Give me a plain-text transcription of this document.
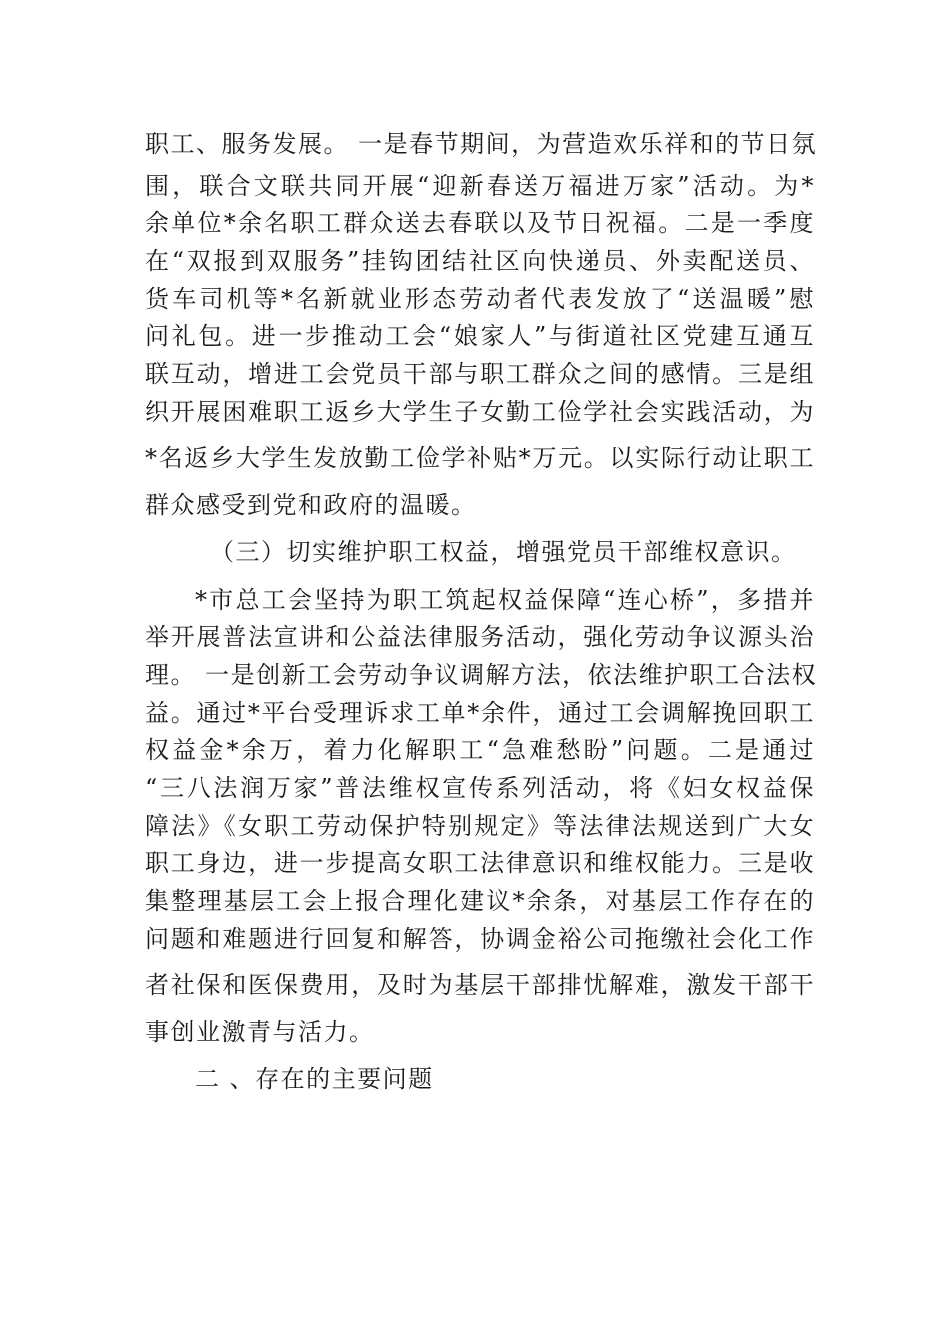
职工、服务发展。 一是春节期间，为营造欢乐祥和的节日氛
围，联合文联共同开展“迎新春送万福进万家”活动。为*
余单位*余名职工群众送去春联以及节日祝福。二是一季度
在“双报到双服务”挂钩团结社区向快递员、外卖配送员、
货车司机等*名新就业形态劳动者代表发放了“送温暖”慰
问礼包。进一步推动工会“娘家人”与街道社区党建互通互
联互动，增进工会党员干部与职工群众之间的感情。三是组
织开展困难职工返乡大学生子女勤工俭学社会实践活动，为
*名返乡大学生发放勤工俭学补贴*万元。以实际行动让职工
群众感受到党和政府的温暖。
（三）切实维护职工权益，增强党员干部维权意识。
*市总工会坚持为职工筑起权益保障“连心桥”，多措并
举开展普法宣讲和公益法律服务活动，强化劳动争议源头治
理。 一是创新工会劳动争议调解方法，依法维护职工合法权
益。通过*平台受理诉求工单*余件，通过工会调解挽回职工
权益金*余万，着力化解职工“急难愁盼”问题。二是通过
“三八法润万家”普法维权宣传系列活动，将《妇女权益保
障法》《女职工劳动保护特别规定》等法律法规送到广大女
职工身边，进一步提高女职工法律意识和维权能力。三是收
集整理基层工会上报合理化建议*余条，对基层工作存在的
问题和难题进行回复和解答，协调金裕公司拖缴社会化工作
者社保和医保费用，及时为基层干部排忧解难，激发干部干
事创业激青与活力。
二 、存在的主要问题
